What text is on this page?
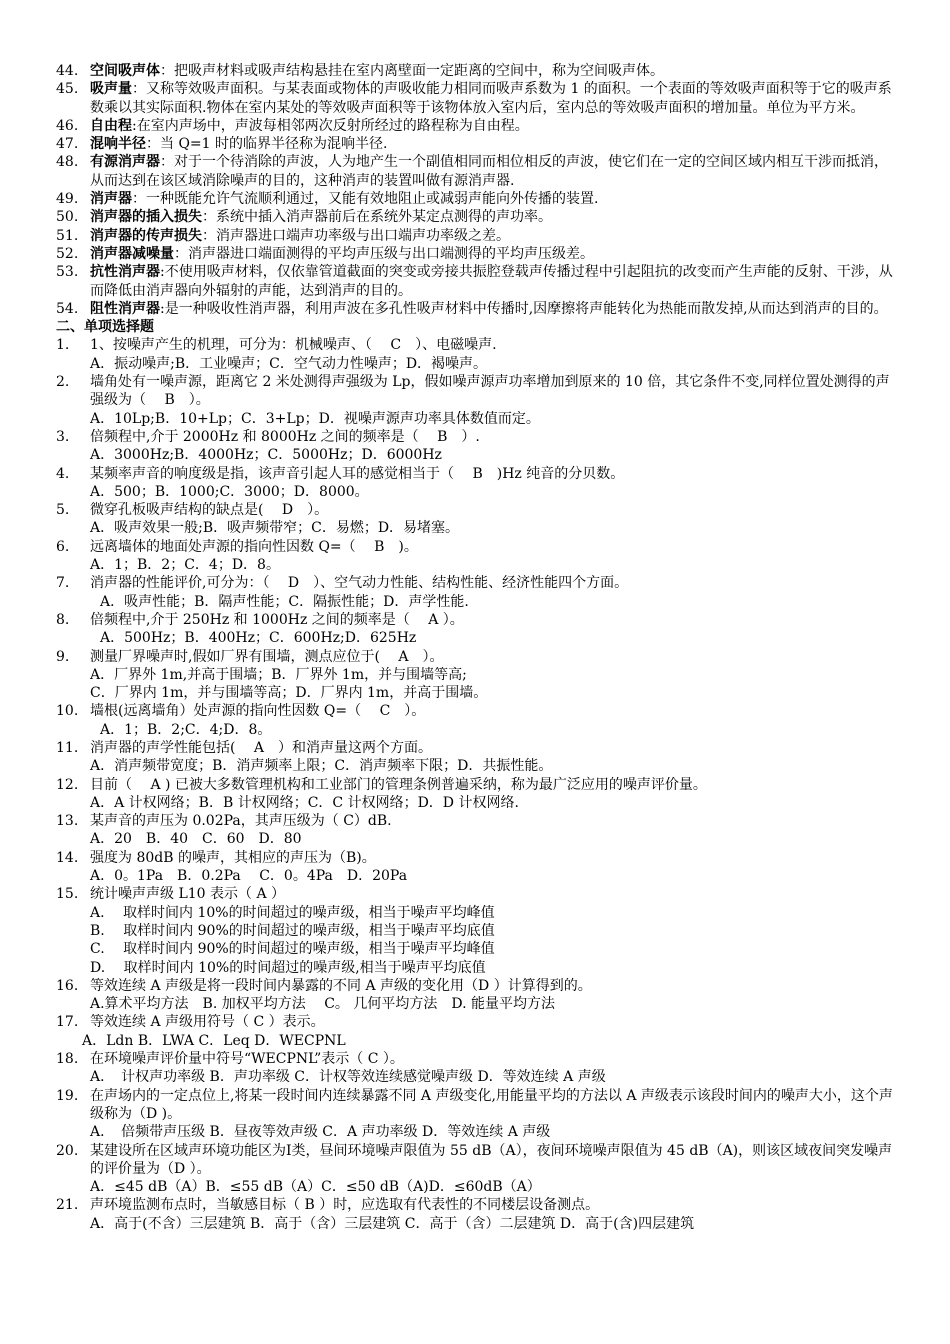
44. 空间吸声体：把吸声材料或吸声结构悬挂在室内离壁面一定距离的空间中，称为空间吸声体。
45. 吸声量：又称等效吸声面积。与某表面或物体的声吸收能力相同而吸声系数为 1 的面积。一个表面的等效吸声面积等于它的吸声系数乘以其实际面积.物体在室内某处的等效吸声面积等于该物体放入室内后，室内总的等效吸声面积的增加量。单位为平方米。
46. 自由程:在室内声场中，声波每相邻两次反射所经过的路程称为自由程。
47. 混响半径：当 Q=1 时的临界半径称为混响半径.
48. 有源消声器：对于一个待消除的声波，人为地产生一个副值相同而相位相反的声波，使它们在一定的空间区域内相互干涉而抵消，从而达到在该区域消除噪声的目的，这种消声的装置叫做有源消声器.
49. 消声器：一种既能允许气流顺利通过，又能有效地阻止或减弱声能向外传播的装置.
50. 消声器的插入损失：系统中插入消声器前后在系统外某定点测得的声功率。
51. 消声器的传声损失：消声器进口端声功率级与出口端声功率级之差。
52. 消声器减噪量：消声器进口端面测得的平均声压级与出口端测得的平均声压级差。
53. 抗性消声器:不使用吸声材料，仅依靠管道截面的突变或旁接共振腔登载声传播过程中引起阻抗的改变而产生声能的反射、干涉，从而降低由消声器向外辐射的声能，达到消声的目的。
54. 阻性消声器:是一种吸收性消声器，利用声波在多孔性吸声材料中传播时,因摩擦将声能转化为热能而散发掉,从而达到消声的目的。
二、单项选择题
1.	1、按噪声产生的机理，可分为：机械噪声、（　 C　）、电磁噪声.
A．振动噪声;B．工业噪声；C．空气动力性噪声；D．褐噪声。
2.	墙角处有一噪声源，距离它 2 米处测得声强级为 Lp，假如噪声源声功率增加到原来的 10 倍，其它条件不变,同样位置处测得的声强级为（　 B　）。
A．10Lp;B．10+Lp；C．3+Lp；D．视噪声源声功率具体数值而定。
3.	倍频程中,介于 2000Hz 和 8000Hz 之间的频率是（　 B　）.
A．3000Hz;B．4000Hz；C．5000Hz；D．6000Hz
4.	某频率声音的响度级是指，该声音引起人耳的感觉相当于（　 B　)Hz 纯音的分贝数。
A．500；B．1000;C．3000；D．8000。
5.	微穿孔板吸声结构的缺点是(　 D　）。
A．吸声效果一般;B．吸声频带窄；C．易燃；D．易堵塞。
6.	远离墙体的地面处声源的指向性因数 Q=（　 B　)。
A．1；B．2；C．4；D．8。
7.	消声器的性能评价,可分为：（　 D　）、空气动力性能、结构性能、经济性能四个方面。
A．吸声性能；B．隔声性能；C．隔振性能；D．声学性能.
8.	倍频程中,介于 250Hz 和 1000Hz 之间的频率是（　 A ）。
A．500Hz；B．400Hz；C．600Hz;D．625Hz
9.	测量厂界噪声时,假如厂界有围墙，测点应位于(　 A　）。
A．厂界外 1m,并高于围墙；B．厂界外 1m，并与围墙等高;
C．厂界内 1m，并与围墙等高；D．厂界内 1m，并高于围墙。
10. 墙根(远离墙角）处声源的指向性因数 Q=（　 C　）。
A．1；B．2;C．4;D．8。
11. 消声器的声学性能包括(　 A　）和消声量这两个方面。
A．消声频带宽度；B．消声频率上限；C．消声频率下限；D．共振性能。
12. 目前（　 A ) 已被大多数管理机构和工业部门的管理条例普遍采纳，称为最广泛应用的噪声评价量。
A．A 计权网络；B．B 计权网络；C．C 计权网络；D．D 计权网络.
13. 某声音的声压为 0.02Pa，其声压级为（ C）dB.
A．20　B．40　C．60　D．80
14. 强度为 80dB 的噪声，其相应的声压为（B)。
A．0。1Pa　B．0.2Pa　 C．0。4Pa　D．20Pa
15. 统计噪声声级 L10 表示（ A ）
A.　 取样时间内 10%的时间超过的噪声级，相当于噪声平均峰值
B.　 取样时间内 90%的时间超过的噪声级，相当于噪声平均底值
C.　 取样时间内 90%的时间超过的噪声级，相当于噪声平均峰值
D.　 取样时间内 10%的时间超过的噪声级,相当于噪声平均底值
16. 等效连续 A 声级是将一段时间内暴露的不同 A 声级的变化用（D ）计算得到的。
A.算术平均方法　B. 加权平均方法　 C。 几何平均方法　D. 能量平均方法
17. 等效连续 A 声级用符号（ C ）表示。
A．Ldn B．LWA C．Leq D．WECPNL
18. 在环境噪声评价量中符号“WECPNL”表示（ C ）。
A．　计权声功率级 B．声功率级 C．计权等效连续感觉噪声级 D．等效连续 A 声级
19. 在声场内的一定点位上,将某一段时间内连续暴露不同 A 声级变化,用能量平均的方法以 A 声级表示该段时间内的噪声大小，这个声级称为（D )。
A．　倍频带声压级 B．昼夜等效声级 C．A 声功率级 D．等效连续 A 声级
20. 某建设所在区域声环境功能区为Ⅰ类，昼间环境噪声限值为 55 dB（A），夜间环境噪声限值为 45 dB（A)，则该区域夜间突发噪声的评价量为（D ）。
A．≤45 dB（A）B．≤55 dB（A）C．≤50 dB（A)D．≤60dB（A）
21. 声环境监测布点时，当敏感目标（ B ）时，应选取有代表性的不同楼层设备测点。
A．高于(不含）三层建筑 B．高于（含）三层建筑 C．高于（含）二层建筑 D．高于(含)四层建筑
